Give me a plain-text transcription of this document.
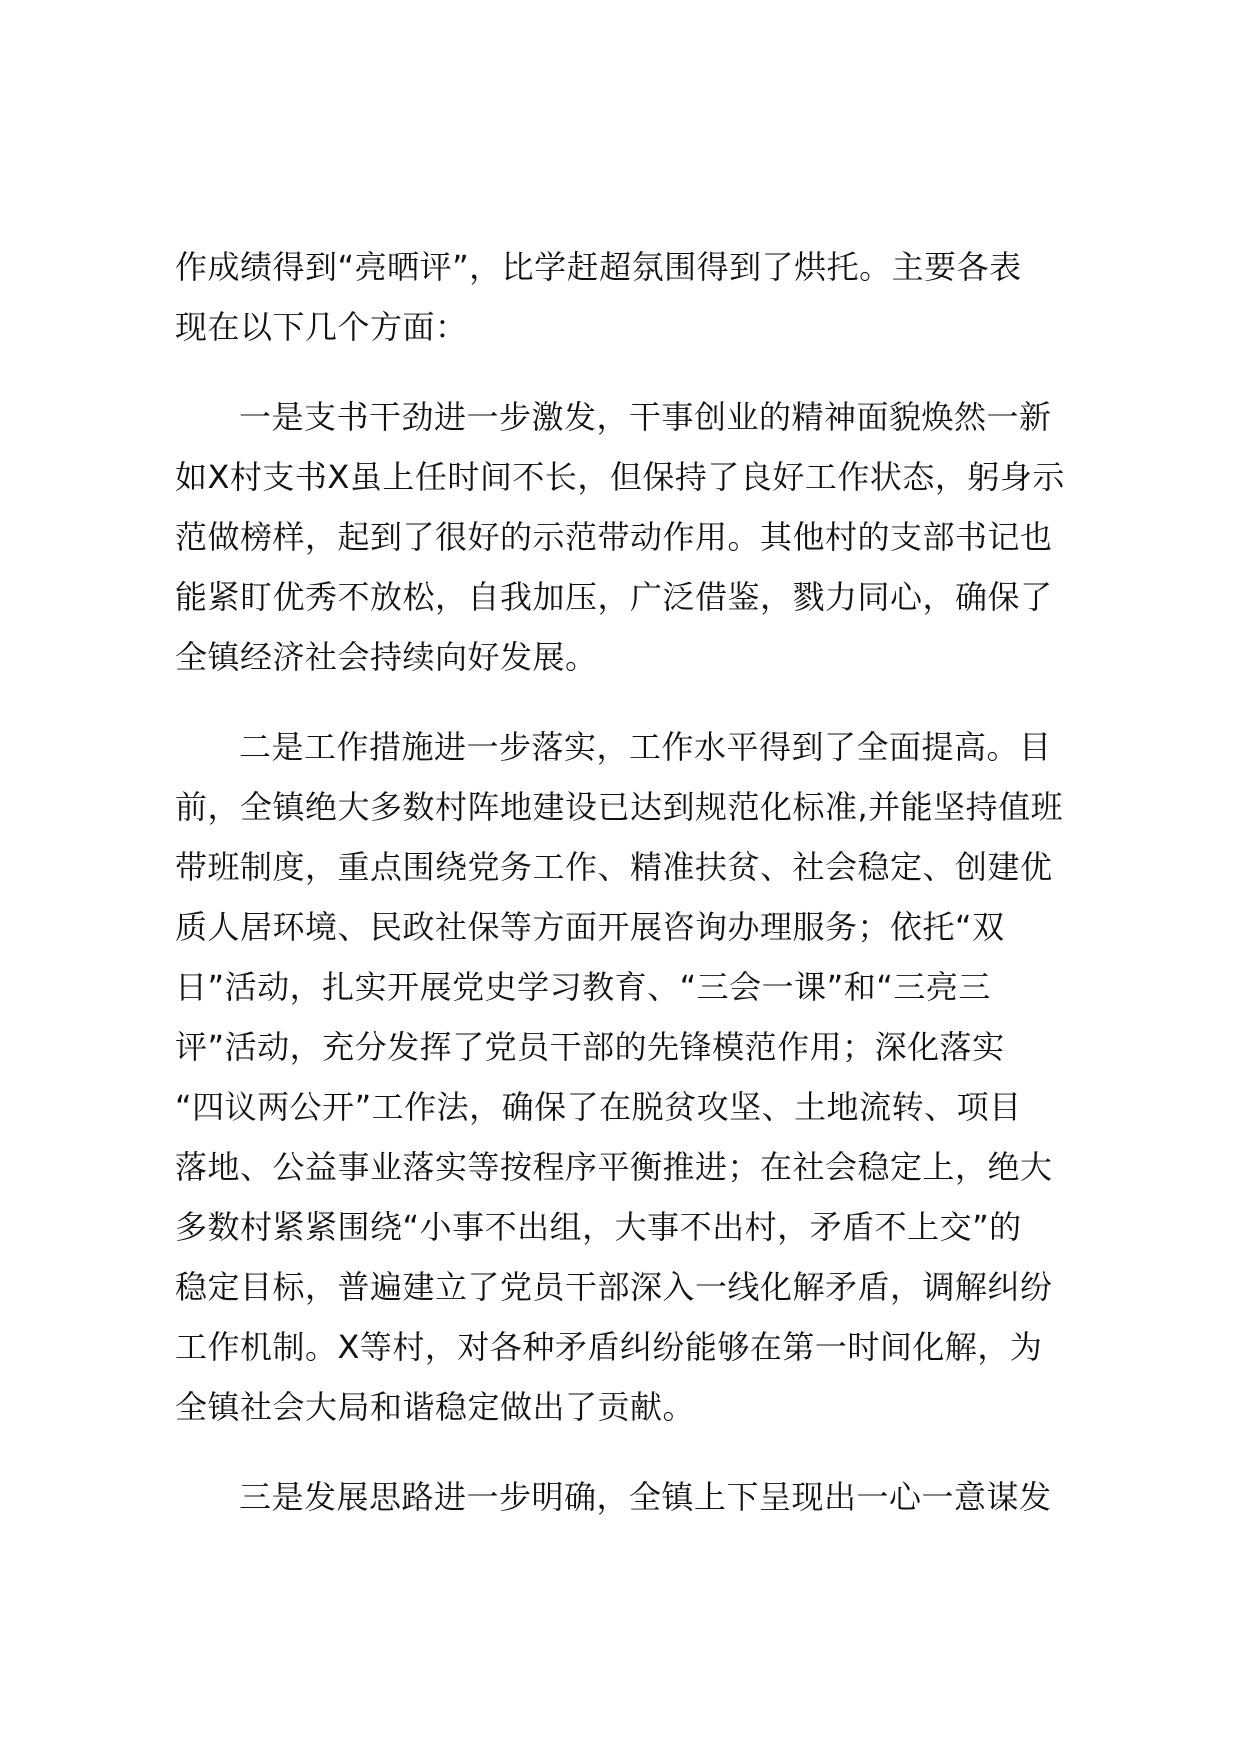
作成绩得到“亮晒评”，比学赶超氛围得到了烘托。主要各表
现在以下几个方面：
一是支书干劲进一步激发，干事创业的精神面貌焕然一新
如X村支书X虽上任时间不长，但保持了良好工作状态，躬身示
范做榜样，起到了很好的示范带动作用。其他村的支部书记也
能紧盯优秀不放松，自我加压，广泛借鉴，戮力同心，确保了
全镇经济社会持续向好发展。
二是工作措施进一步落实，工作水平得到了全面提高。目
前，全镇绝大多数村阵地建设已达到规范化标准,并能坚持值班
带班制度，重点围绕党务工作、精准扶贫、社会稳定、创建优
质人居环境、民政社保等方面开展咨询办理服务；依托“双
日”活动，扎实开展党史学习教育、“三会一课”和“三亮三
评”活动，充分发挥了党员干部的先锋模范作用；深化落实
“四议两公开”工作法，确保了在脱贫攻坚、土地流转、项目
落地、公益事业落实等按程序平衡推进；在社会稳定上，绝大
多数村紧紧围绕“小事不出组，大事不出村，矛盾不上交”的
稳定目标，普遍建立了党员干部深入一线化解矛盾，调解纠纷
工作机制。X等村，对各种矛盾纠纷能够在第一时间化解，为
全镇社会大局和谐稳定做出了贡献。
三是发展思路进一步明确，全镇上下呈现出一心一意谋发
